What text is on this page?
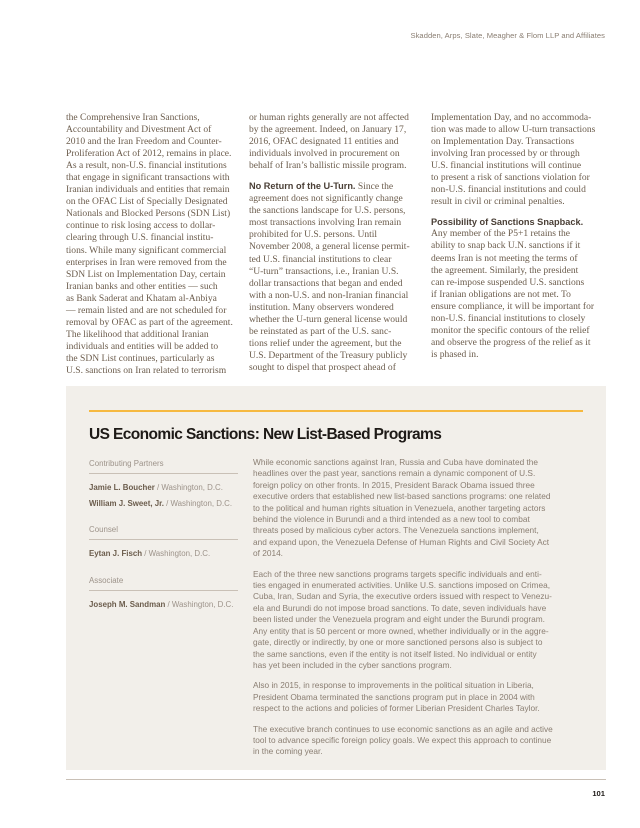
Skadden, Arps, Slate, Meagher & Flom LLP and Affiliates

the Comprehensive Iran Sanctions,
Accountability and Divestment Act of
2010 and the Iran Freedom and Counter-
Proliferation Act of 2012, remains in place.
As a result, non-U.S. financial institutions
that engage in significant transactions with
Iranian individuals and entities that remain
on the OFAC List of Specially Designated
Nationals and Blocked Persons (SDN List)
continue to risk losing access to dollar-
clearing through U.S. financial institu-
tions. While many significant commercial
enterprises in Iran were removed from the
SDN List on Implementation Day, certain
Iranian banks and other entities — such
as Bank Saderat and Khatam al-Anbiya
— remain listed and are not scheduled for
removal by OFAC as part of the agreement.
The likelihood that additional Iranian
individuals and entities will be added to
the SDN List continues, particularly as
U.S. sanctions on Iran related to terrorism

or human rights generally are not affected
by the agreement. Indeed, on January 17,
2016, OFAC designated 11 entities and
individuals involved in procurement on
behalf of Iran’s ballistic missile program.

No Return of the U-Turn. Since the
agreement does not significantly change
the sanctions landscape for U.S. persons,
most transactions involving Iran remain
prohibited for U.S. persons. Until
November 2008, a general license permit-
ted U.S. financial institutions to clear
“U-turn” transactions, i.e., Iranian U.S.
dollar transactions that began and ended
with a non-U.S. and non-Iranian financial
institution. Many observers wondered
whether the U-turn general license would
be reinstated as part of the U.S. sanc-
tions relief under the agreement, but the
U.S. Department of the Treasury publicly
sought to dispel that prospect ahead of

Implementation Day, and no accommoda-
tion was made to allow U-turn transactions
on Implementation Day. Transactions
involving Iran processed by or through
U.S. financial institutions will continue
to present a risk of sanctions violation for
non-U.S. financial institutions and could
result in civil or criminal penalties.

Possibility of Sanctions Snapback.
Any member of the P5+1 retains the
ability to snap back U.N. sanctions if it
deems Iran is not meeting the terms of
the agreement. Similarly, the president
can re-impose suspended U.S. sanctions
if Iranian obligations are not met. To
ensure compliance, it will be important for
non-U.S. financial institutions to closely
monitor the specific contours of the relief
and observe the progress of the relief as it
is phased in.

US Economic Sanctions: New List-Based Programs
Contributing Partners
Jamie L. Boucher / Washington, D.C.
William J. Sweet, Jr. / Washington, D.C.
Counsel
Eytan J. Fisch / Washington, D.C.
Associate
Joseph M. Sandman / Washington, D.C.

While economic sanctions against Iran, Russia and Cuba have dominated the
headlines over the past year, sanctions remain a dynamic component of U.S.
foreign policy on other fronts. In 2015, President Barack Obama issued three
executive orders that established new list-based sanctions programs: one related
to the political and human rights situation in Venezuela, another targeting actors
behind the violence in Burundi and a third intended as a new tool to combat
threats posed by malicious cyber actors. The Venezuela sanctions implement,
and expand upon, the Venezuela Defense of Human Rights and Civil Society Act
of 2014.

Each of the three new sanctions programs targets specific individuals and enti-
ties engaged in enumerated activities. Unlike U.S. sanctions imposed on Crimea,
Cuba, Iran, Sudan and Syria, the executive orders issued with respect to Venezu-
ela and Burundi do not impose broad sanctions. To date, seven individuals have
been listed under the Venezuela program and eight under the Burundi program.
Any entity that is 50 percent or more owned, whether individually or in the aggre-
gate, directly or indirectly, by one or more sanctioned persons also is subject to
the same sanctions, even if the entity is not itself listed. No individual or entity
has yet been included in the cyber sanctions program.

Also in 2015, in response to improvements in the political situation in Liberia,
President Obama terminated the sanctions program put in place in 2004 with
respect to the actions and policies of former Liberian President Charles Taylor.

The executive branch continues to use economic sanctions as an agile and active
tool to advance specific foreign policy goals. We expect this approach to continue
in the coming year.

101
